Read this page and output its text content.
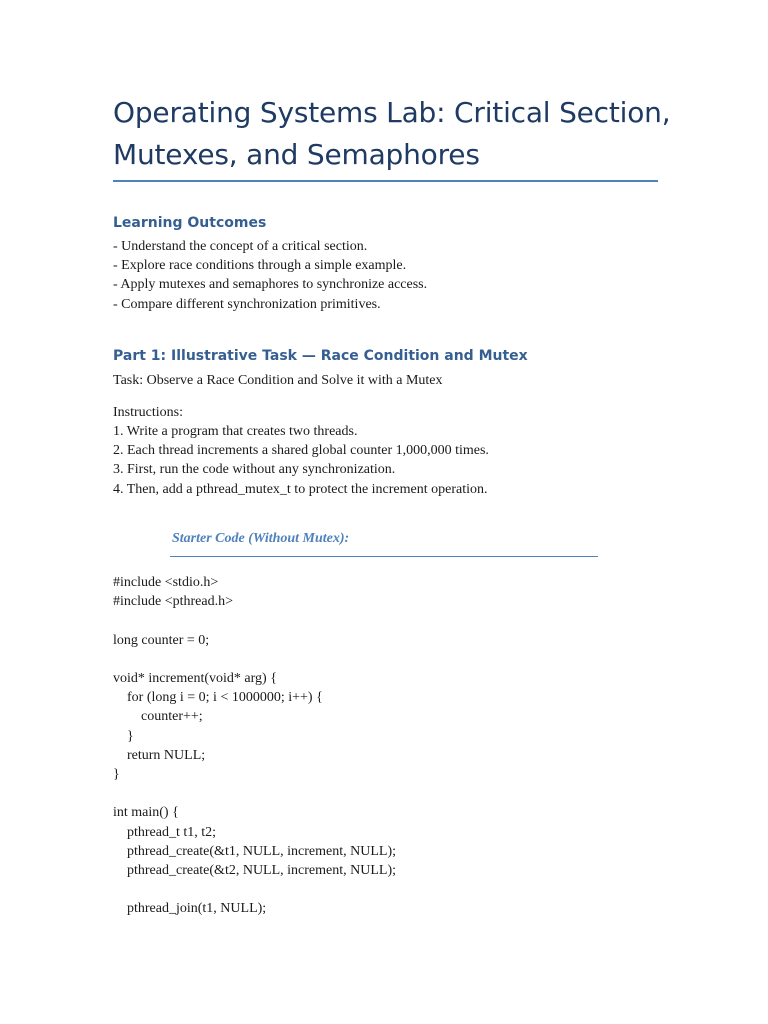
Operating Systems Lab: Critical Section,
Mutexes, and Semaphores
Learning Outcomes
- Understand the concept of a critical section.
- Explore race conditions through a simple example.
- Apply mutexes and semaphores to synchronize access.
- Compare different synchronization primitives.
Part 1: Illustrative Task — Race Condition and Mutex

Task: Observe a Race Condition and Solve it with a Mutex

Instructions:

1. Write a program that creates two threads.
2. Each thread increments a shared global counter 1,000,000 times.
3. First, run the code without any synchronization.
4. Then, add a pthread_mutex_t to protect the increment operation.

Starter Code (Without Mutex):

#include <stdio.h>
#include <pthread.h>
long counter = 0;
void* increment(void* arg) {
for (long i = 0; i < 1000000; i++) {
counter++;
}
return NULL;
}
int main() {
pthread_t t1, t2;
pthread_create(&t1, NULL, increment, NULL);
pthread_create(&t2, NULL, increment, NULL);
pthread_join(t1, NULL);
